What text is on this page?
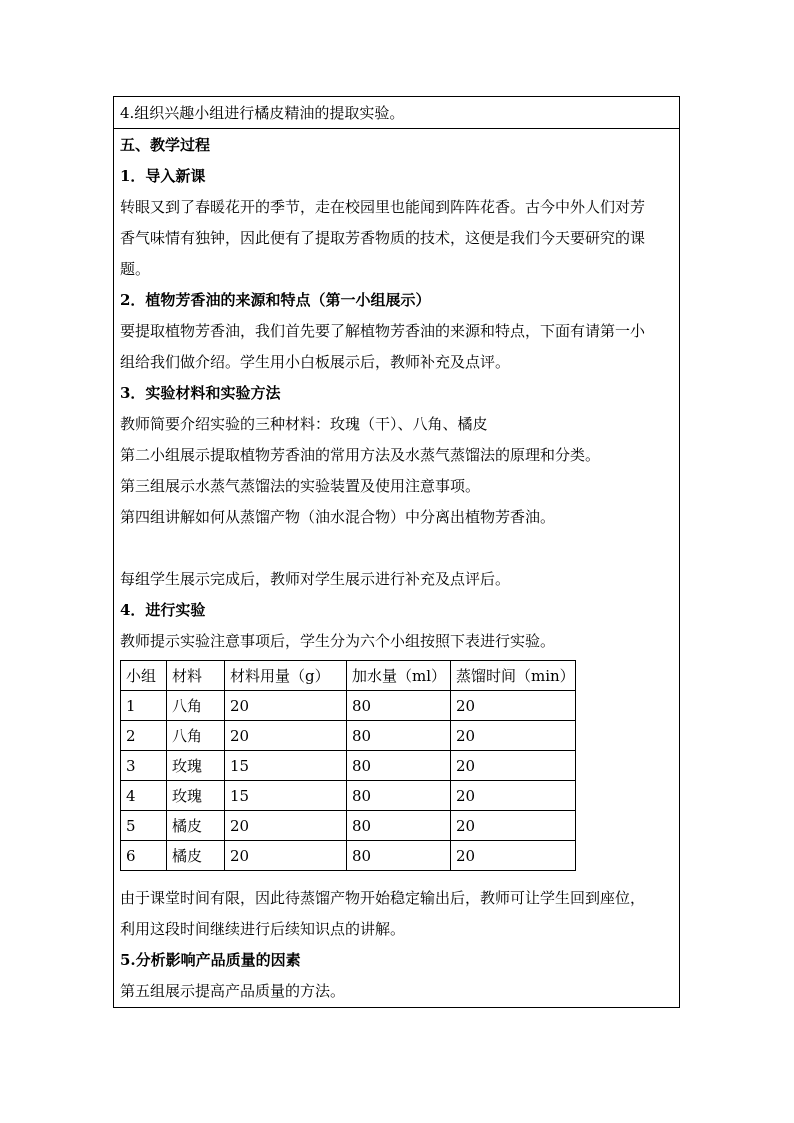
4.组织兴趣小组进行橘皮精油的提取实验。
五、教学过程
1．导入新课
转眼又到了春暖花开的季节，走在校园里也能闻到阵阵花香。古今中外人们对芳
香气味情有独钟，因此便有了提取芳香物质的技术，这便是我们今天要研究的课
题。
2．植物芳香油的来源和特点（第一小组展示）
要提取植物芳香油，我们首先要了解植物芳香油的来源和特点，下面有请第一小
组给我们做介绍。学生用小白板展示后，教师补充及点评。
3．实验材料和实验方法
教师简要介绍实验的三种材料：玫瑰（干）、八角、橘皮
第二小组展示提取植物芳香油的常用方法及水蒸气蒸馏法的原理和分类。
第三组展示水蒸气蒸馏法的实验装置及使用注意事项。
第四组讲解如何从蒸馏产物（油水混合物）中分离出植物芳香油。
每组学生展示完成后，教师对学生展示进行补充及点评后。
4．进行实验
教师提示实验注意事项后，学生分为六个小组按照下表进行实验。
小组	材料	材料用量（g）	加水量（ml）	蒸馏时间（min）
1	八角	20	80	20
2	八角	20	80	20
3	玫瑰	15	80	20
4	玫瑰	15	80	20
5	橘皮	20	80	20
6	橘皮	20	80	20
由于课堂时间有限，因此待蒸馏产物开始稳定输出后，教师可让学生回到座位，
利用这段时间继续进行后续知识点的讲解。
5.分析影响产品质量的因素
第五组展示提高产品质量的方法。
